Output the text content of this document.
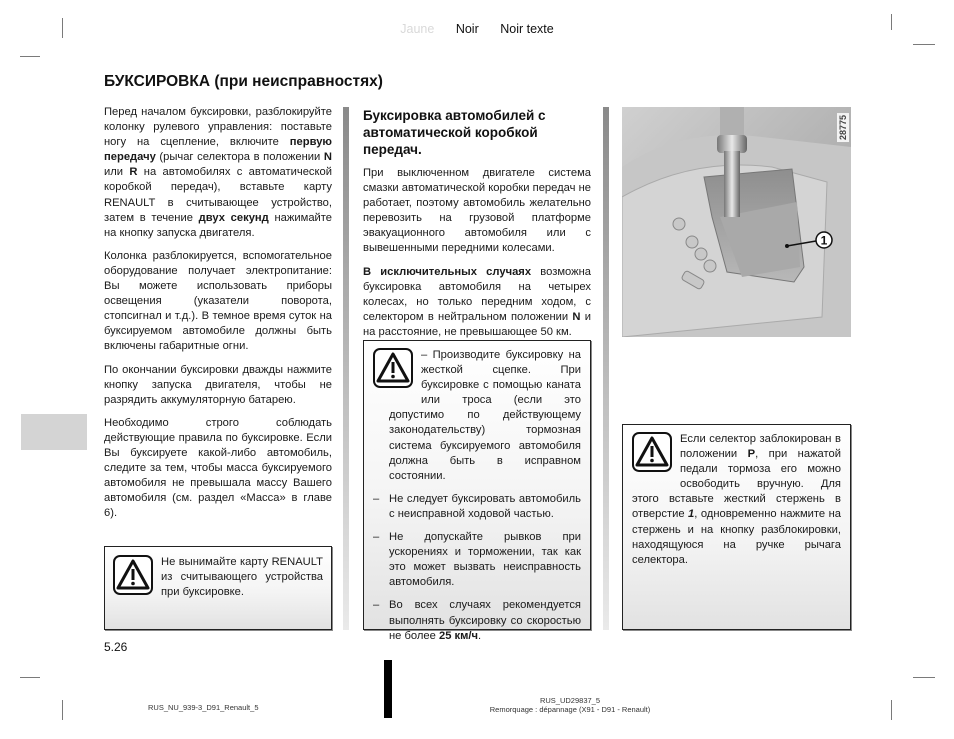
Jaune Noir Noir texte
БУКСИРОВКА (при неисправностях)

Перед началом буксировки, разблокируйте колонку рулевого управления: поставьте ногу на сцепление, включите первую передачу (рычаг селектора в положении N или R на автомобилях с автоматической коробкой передач), вставьте карту RENAULT в считывающее устройство, затем в течение двух секунд нажимайте на кнопку запуска двигателя.

Колонка разблокируется, вспомогательное оборудование получает электропитание: Вы можете использовать приборы освещения (указатели поворота, стопсигнал и т.д.). В темное время суток на буксируемом автомобиле должны быть включены габаритные огни.

По окончании буксировки дважды нажмите кнопку запуска двигателя, чтобы не разрядить аккумуляторную батарею.

Необходимо строго соблюдать действующие правила по буксировке. Если Вы буксируете какой-либо автомобиль, следите за тем, чтобы масса буксируемого автомобиля не превышала массу Вашего автомобиля (см. раздел «Масса» в главе 6).

Не вынимайте карту RENAULT из считывающего устройства при буксировке.
5.26
Буксировка автомобилей с автоматической коробкой передач.

При выключенном двигателе система смазки автоматической коробки передач не работает, поэтому автомобиль желательно перевозить на грузовой платформе эвакуационного автомобиля или с вывешенными передними колесами.

В исключительных случаях возможна буксировка автомобиля на четырех колесах, но только передним ходом, с селектором в нейтральном положении N и на расстояние, не превышающее 50 км.

– Производите буксировку на жесткой сцепке. При буксировке с помощью каната или троса (если это допустимо по действующему законодательству) тормозная система буксируемого автомобиля должна быть в исправном состоянии.

– Не следует буксировать автомобиль с неисправной ходовой частью.
– Не допускайте рывков при ускорениях и торможении, так как это может вызвать неисправность автомобиля.
– Во всех случаях рекомендуется выполнять буксировку со скоростью не более 25 км/ч.
1
28775
Если селектор заблокирован в положении P, при нажатой педали тормоза его можно освободить вручную. Для этого вставьте жесткий стержень в отверстие 1, одновременно нажмите на стержень и на кнопку разблокировки, находящуюся на ручке рычага селектора.
RUS_NU_939-3_D91_Renault_5
RUS_UD29837_5
Remorquage : dépannage (X91 - D91 - Renault)
